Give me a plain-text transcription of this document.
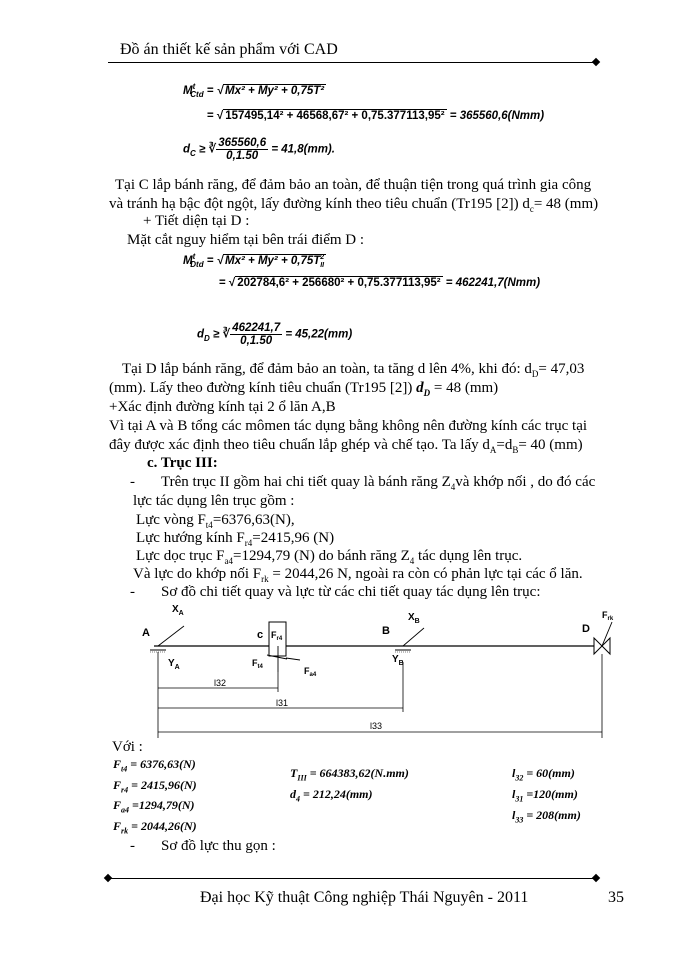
Đồ án thiết kế sản phẩm với CAD
$M^t_{Ctd}$ = √ Mx² + My² + 0,75T²
= √ 157495,14² + 46568,67² + 0,75.377113,95² = 365560,6(Nmm)
$d_C$ ≥ ∛ $\frac{365560,6}{0,1.50} = 41,8(mm)$.
Tại C lắp bánh răng, để đảm bảo an toàn, để thuận tiện trong quá trình gia công
và tránh hạ bậc đột ngột, lấy đường kính theo tiêu chuẩn (Tr195 [2]) $d_c= 48$ (mm)
+ Tiết diện tại D :
Mặt cắt nguy hiểm tại bên trái điểm D :
$M^t_{Dtd}$ = √ $Mx^2 + My^2 + 0,75T^2_{II}$
= √ 202784,6² + 256680² + 0,75.377113,95² = 462241,7(Nmm)
$d_D$ ≥ ∛ $\frac{462241,7}{0,1.50} = 45,22(mm)$
Tại D lắp bánh răng, để đảm bảo an toàn, ta tăng d lên 4%, khi đó: $d_D= 47,03$
(mm). Lấy theo đường kính tiêu chuẩn (Tr195 [2]) $d_D = 48$ (mm)
+Xác định đường kính tại 2 ổ lăn A,B
Vì tại A và B tổng các mômen tác dụng bằng không nên đường kính các trục tại
đây được xác định theo tiêu chuẩn lắp ghép và chế tạo. Ta lấy $d_A=d_B= 40$ (mm)
c. Trục III:
- Trên trục II gồm hai chi tiết quay là bánh răng $Z_4và$ khớp nối , do đó các
lực tác dụng lên trục gồm :
Lực vòng $F_{t4}=6376,63(N)$,
Lực hướng kính $F_{r4}=2415,96$ (N)
Lực dọc trục $F_{a4}=1294,79$ (N) do bánh răng $Z_4$ tác dụng lên trục.
Và lực do khớp nối $F_{rk} = 2044,26$ N, ngoài ra còn có phản lực tại các ổ lăn.
- Sơ đồ chi tiết quay và lực từ các chi tiết quay tác dụng lên trục:
A
$X_A$
$Y_A$
c $F_{r4}$
$F_{t4}$	$F_{a4}$
B
$X_B$
$Y_B$
D
$F_{rk}$
l32
l31
l33
Với :
$F_{t4} = 6376,63(N)$
$F_{r4} = 2415,96(N)$
$F_{a4} =1294,79(N)$
$F_{rk} = 2044,26(N)$
$T_{III} = 664383,62(N.mm)$
$d_4 = 212,24(mm)$
$l_{32} = 60(mm)$
$l_{31} =120(mm)$
$l_{33} = 208(mm)$
- Sơ đồ lực thu gọn :
Đại học Kỹ thuật Công nghiệp Thái Nguyên - 2011	35
